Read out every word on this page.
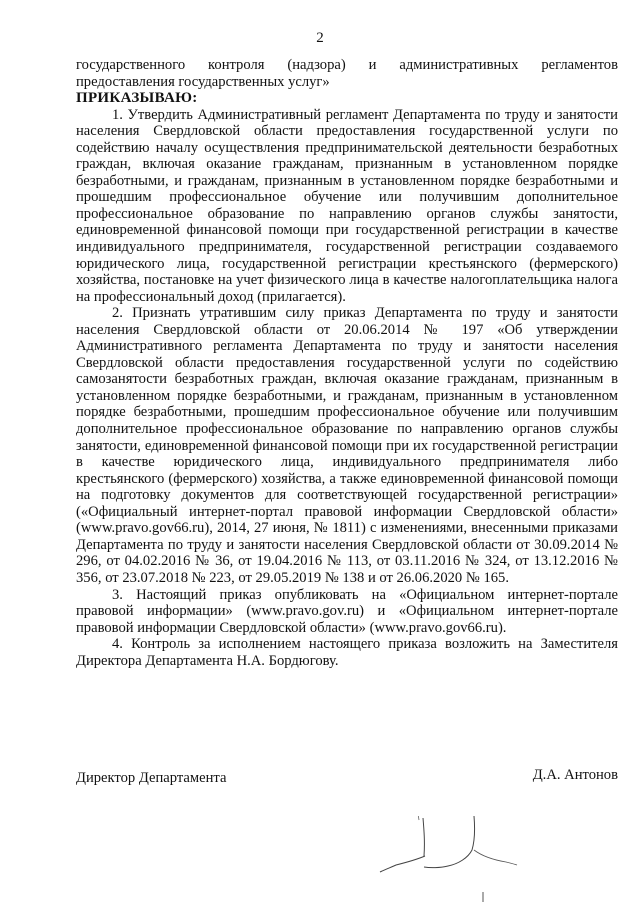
2

государственного контроля (надзора) и административных регламентов предоставления государственных услуг»

ПРИКАЗЫВАЮ:

1. Утвердить Административный регламент Департамента по труду и занятости населения Свердловской области предоставления государственной услуги по содействию началу осуществления предпринимательской деятельности безработных граждан, включая оказание гражданам, признанным в установленном порядке безработными, и гражданам, признанным в установленном порядке безработными и прошедшим профессиональное обучение или получившим дополнительное профессиональное образование по направлению органов службы занятости, единовременной финансовой помощи при государственной регистрации в качестве индивидуального предпринимателя, государственной регистрации создаваемого юридического лица, государственной регистрации крестьянского (фермерского) хозяйства, постановке на учет физического лица в качестве налогоплательщика налога на профессиональный доход (прилагается).

2. Признать утратившим силу приказ Департамента по труду и занятости населения Свердловской области от 20.06.2014 № 197 «Об утверждении Административного регламента Департамента по труду и занятости населения Свердловской области предоставления государственной услуги по содействию самозанятости безработных граждан, включая оказание гражданам, признанным в установленном порядке безработными, и гражданам, признанным в установленном порядке безработными, прошедшим профессиональное обучение или получившим дополнительное профессиональное образование по направлению органов службы занятости, единовременной финансовой помощи при их государственной регистрации в качестве юридического лица, индивидуального предпринимателя либо крестьянского (фермерского) хозяйства, а также единовременной финансовой помощи на подготовку документов для соответствующей государственной регистрации» («Официальный интернет-портал правовой информации Свердловской области» (www.pravo.gov66.ru), 2014, 27 июня, № 1811) с изменениями, внесенными приказами Департамента по труду и занятости населения Свердловской области от 30.09.2014 № 296, от 04.02.2016 № 36, от 19.04.2016 № 113, от 03.11.2016 № 324, от 13.12.2016 № 356, от 23.07.2018 № 223, от 29.05.2019 № 138 и от 26.06.2020 № 165.

3. Настоящий приказ опубликовать на «Официальном интернет-портале правовой информации» (www.pravo.gov.ru) и «Официальном интернет-портале правовой информации Свердловской области» (www.pravo.gov66.ru).

4. Контроль за исполнением настоящего приказа возложить на Заместителя Директора Департамента Н.А. Бордюгову.

Директор Департамента	Д.А. Антонов
